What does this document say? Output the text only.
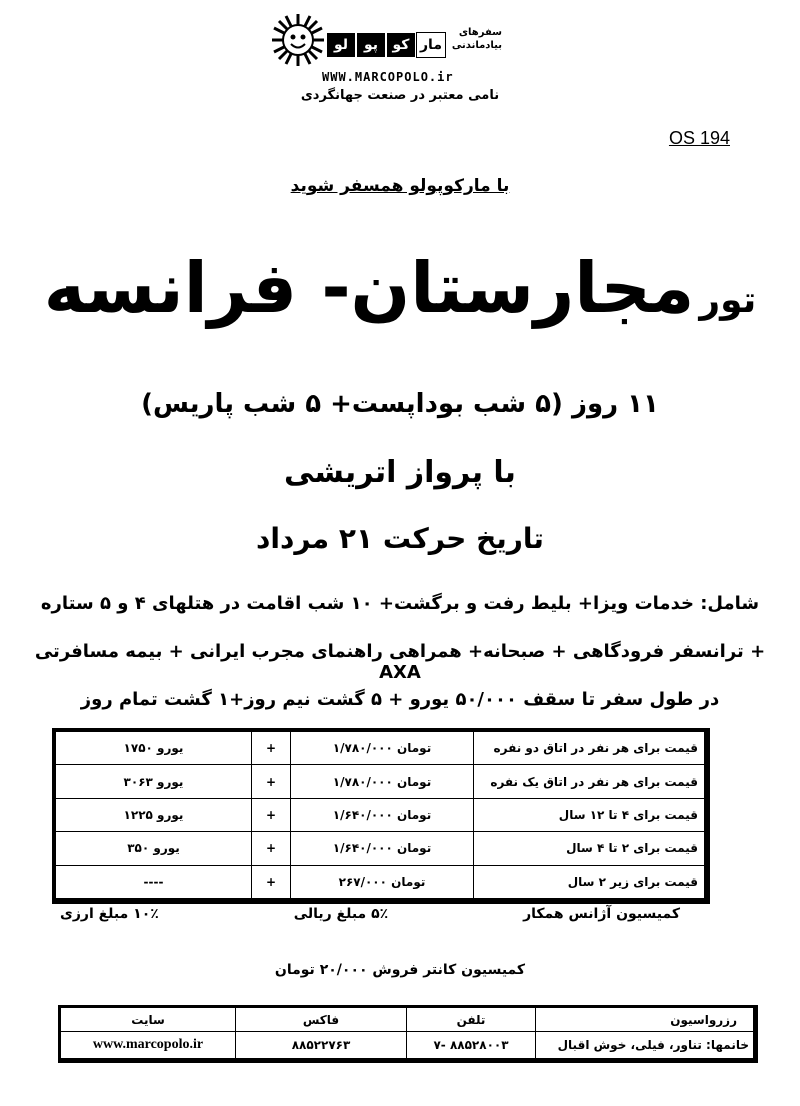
مار
کو
پو
لو
سفرهای
بیادماندنی
WWW.MARCOPOLO.ir
نامی معتبر در صنعت جهانگردی
OS 194
با مارکوپولو همسفر شوید
تور مجارستان- فرانسه
۱۱ روز (۵ شب بوداپست+ ۵ شب پاریس)
با پرواز اتریشی
تاریخ حرکت ۲۱ مرداد
شامل: خدمات ویزا+ بلیط رفت و برگشت+ ۱۰ شب اقامت در هتلهای ۴ و ۵ ستاره
+ ترانسفر فرودگاهی + صبحانه+ همراهی راهنمای مجرب ایرانی + بیمه مسافرتی AXA
در طول سفر تا سقف ۵۰/۰۰۰ یورو + ۵ گشت نیم روز+۱ گشت تمام روز
۱۷۵۰ یورو	+	۱/۷۸۰/۰۰۰ تومان	قیمت برای هر نفر در اتاق دو نفره
۳۰۶۳ یورو	+	۱/۷۸۰/۰۰۰ تومان	قیمت برای هر نفر در اتاق یک نفره
۱۲۲۵ یورو	+	۱/۶۴۰/۰۰۰ تومان	قیمت برای ۴ تا ۱۲ سال
۳۵۰ یورو	+	۱/۶۴۰/۰۰۰ تومان	قیمت برای ۲ تا ۴ سال
----	+	۲۶۷/۰۰۰ تومان	قیمت برای زیر ۲ سال
۱۰٪ مبلغ ارزی	۵٪ مبلغ ریالی	کمیسیون آژانس همکار
کمیسیون کانتر فروش ۲۰/۰۰۰ تومان
سایت	فاکس	تلفن	رزرواسیون
www.marcopolo.ir	۸۸۵۲۲۷۶۳	۸۸۵۲۸۰۰۳ -۷	خانمها: تناور، فیلی، خوش اقبال
